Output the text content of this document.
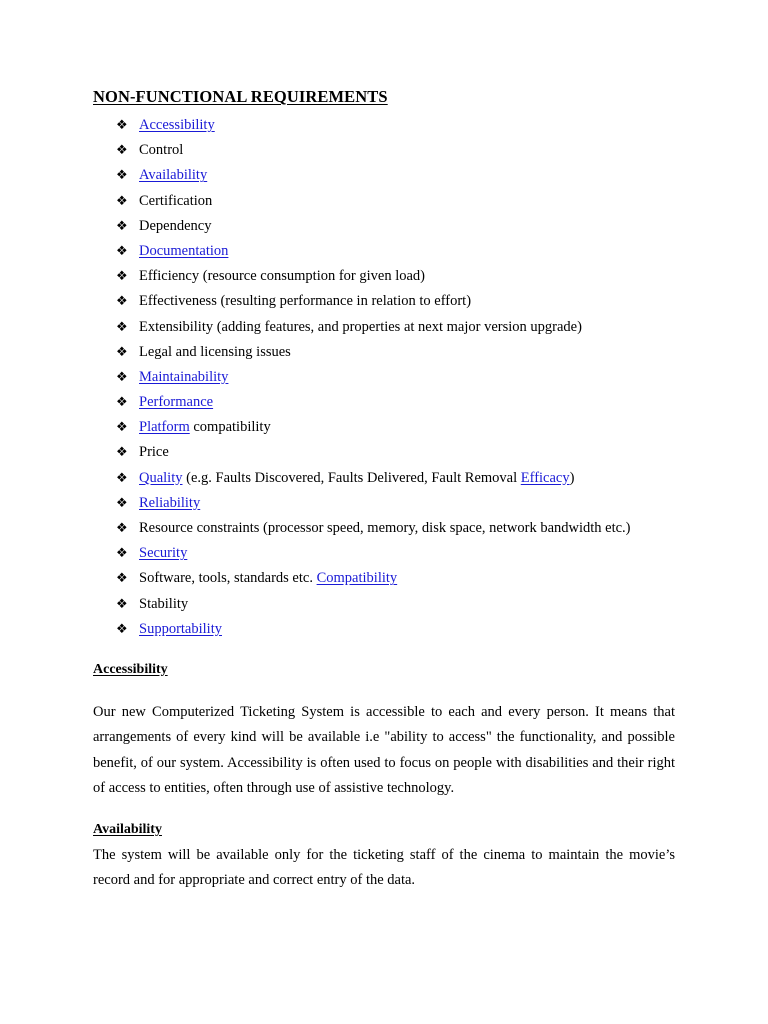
NON-FUNCTIONAL REQUIREMENTS
❖ Accessibility
❖ Control
❖ Availability
❖ Certification
❖ Dependency
❖ Documentation
❖ Efficiency (resource consumption for given load)
❖ Effectiveness (resulting performance in relation to effort)
❖ Extensibility (adding features, and properties at next major version upgrade)
❖ Legal and licensing issues
❖ Maintainability
❖ Performance
❖ Platform compatibility
❖ Price
❖ Quality (e.g. Faults Discovered, Faults Delivered, Fault Removal Efficacy)
❖ Reliability
❖ Resource constraints (processor speed, memory, disk space, network bandwidth etc.)
❖ Security
❖ Software, tools, standards etc. Compatibility
❖ Stability
❖ Supportability
Accessibility

Our new Computerized Ticketing System is accessible to each and every person. It means that arrangements of every kind will be available i.e "ability to access" the functionality, and possible benefit, of our system. Accessibility is often used to focus on people with disabilities and their right of access to entities, often through use of assistive technology.

Availability

The system will be available only for the ticketing staff of the cinema to maintain the movie’s record and for appropriate and correct entry of the data.
